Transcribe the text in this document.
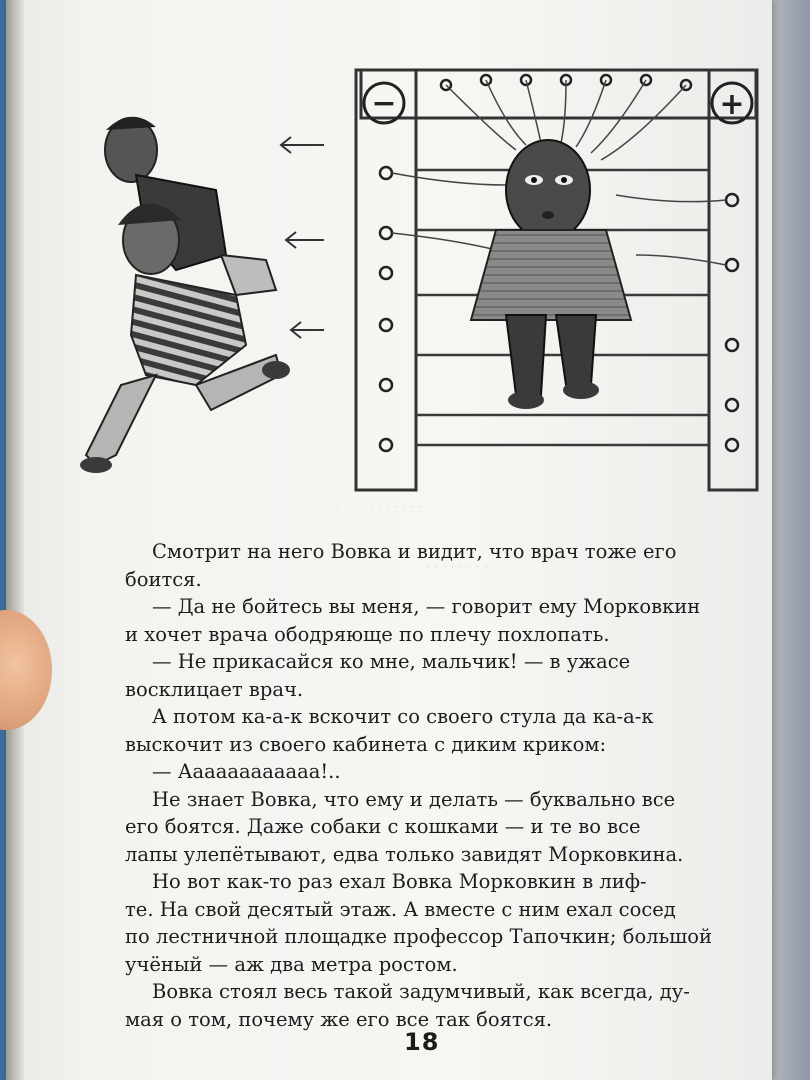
· · · · · · · · · · ·
· · · · · · · ·
−	+

Смотрит на него Вовка и видит, что врач тоже его
боится.

— Да не бойтесь вы меня, — говорит ему Морковкин
и хочет врача ободряюще по плечу похлопать.

— Не прикасайся ко мне, мальчик! — в ужасе
восклицает врач.

А потом ка-а-к вскочит со своего стула да ка-а-к
выскочит из своего кабинета с диким криком:

— Аааааааааааа!..

Не знает Вовка, что ему и делать — буквально все
его боятся. Даже собаки с кошками — и те во все
лапы улепётывают, едва только завидят Морковкина.

Но вот как-то раз ехал Вовка Морковкин в лиф-
те. На свой десятый этаж. А вместе с ним ехал сосед
по лестничной площадке профессор Тапочкин; большой
учёный — аж два метра ростом.

Вовка стоял весь такой задумчивый, как всегда, ду-
мая о том, почему же его все так боятся.

18
